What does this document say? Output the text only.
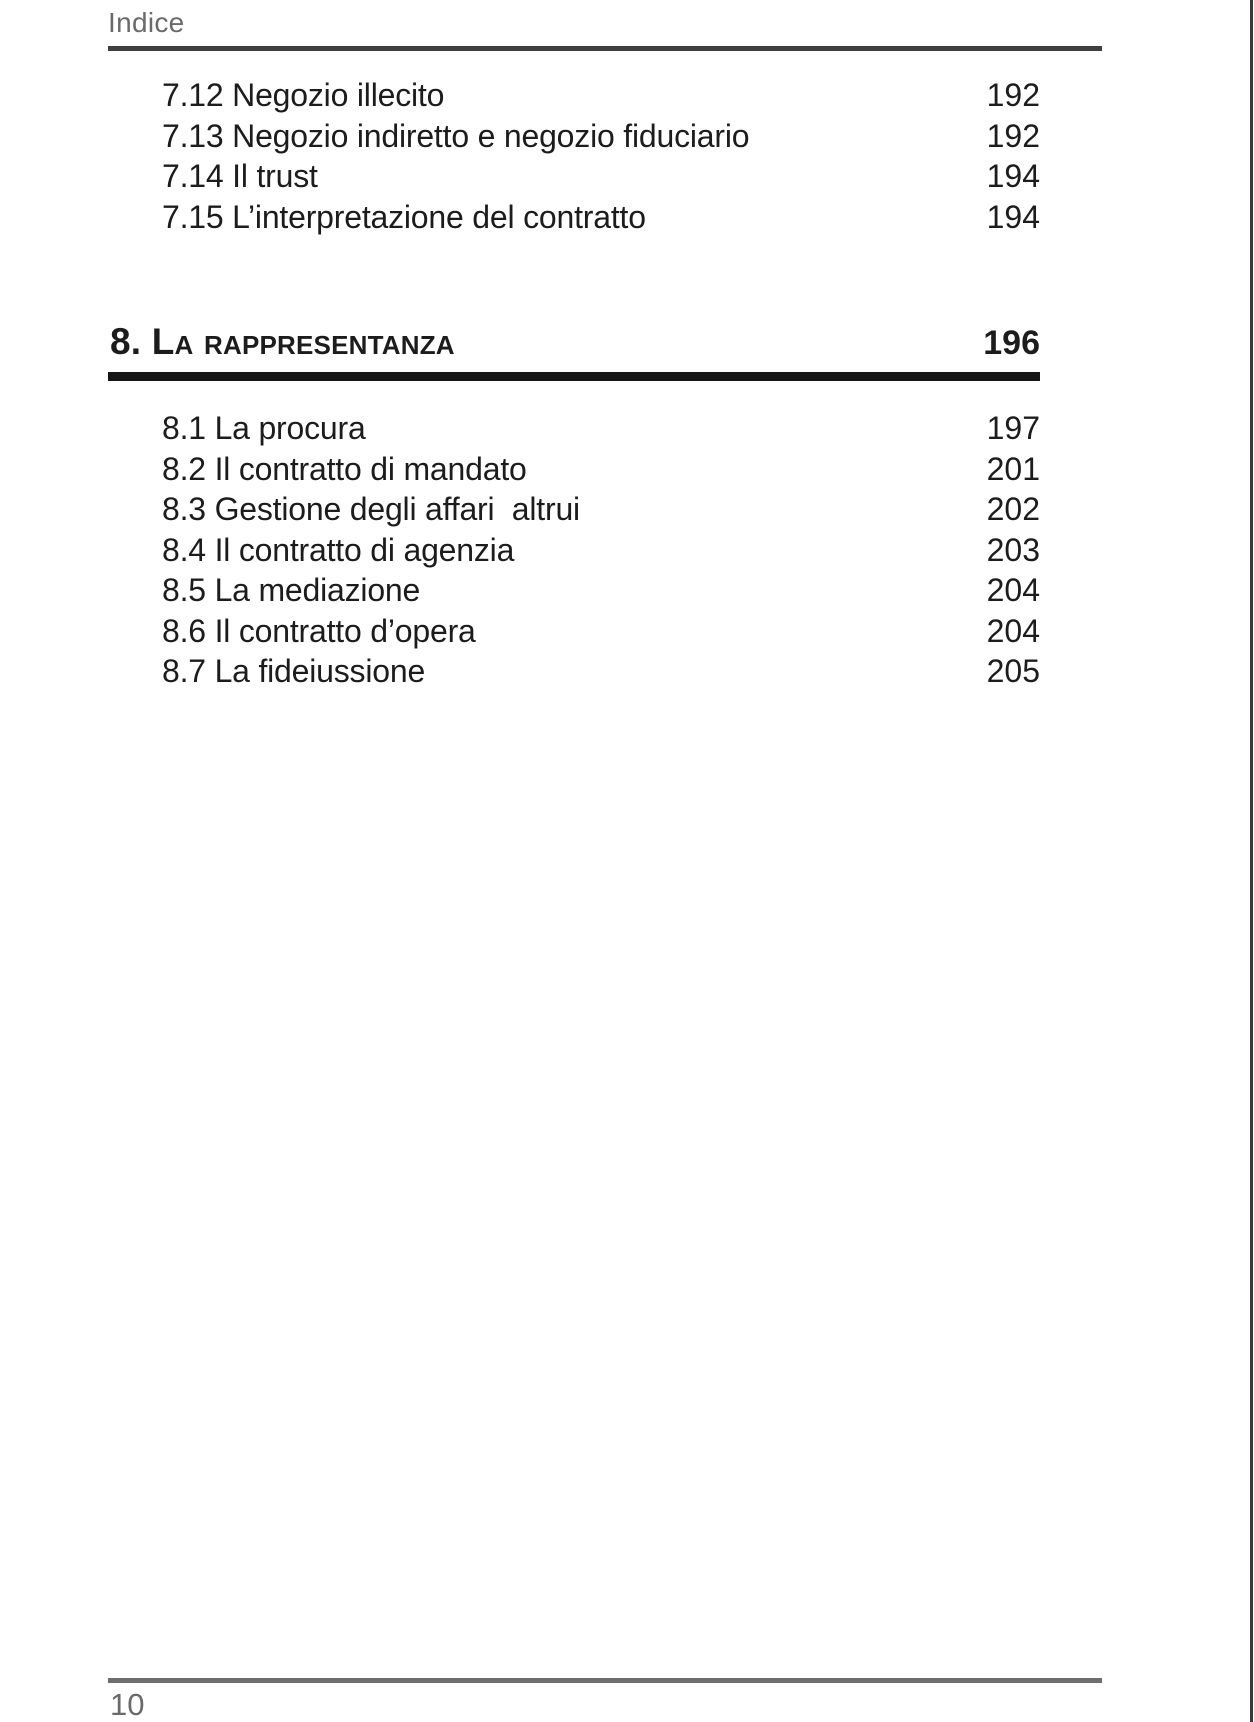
Indice
7.12 Negozio illecito	192
7.13 Negozio indiretto e negozio fiduciario	192
7.14 Il trust	194
7.15 L’interpretazione del contratto	194
8. La rappresentanza	196
8.1 La procura	197
8.2 Il contratto di mandato	201
8.3 Gestione degli affari  altrui	202
8.4 Il contratto di agenzia	203
8.5 La mediazione	204
8.6 Il contratto d’opera	204
8.7 La fideiussione	205
10
